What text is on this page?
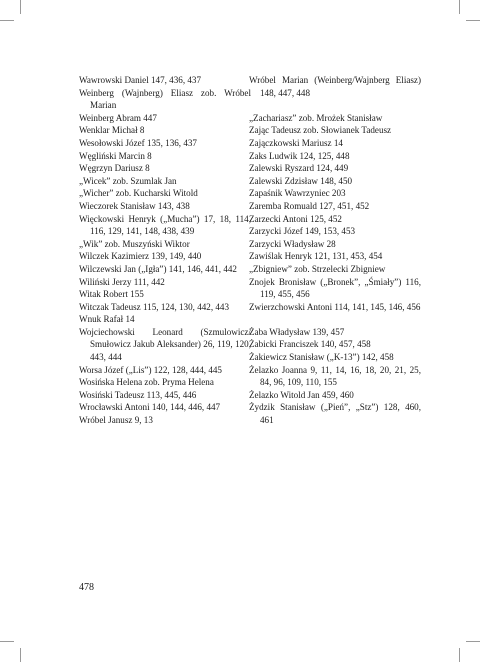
Wawrowski Daniel 147, 436, 437
Weinberg (Wajnberg) Eliasz zob. Wróbel Marian
Weinberg Abram 447
Wenklar Michał 8
Wesołowski Józef 135, 136, 437
Węgliński Marcin 8
Węgrzyn Dariusz 8
„Wicek” zob. Szumlak Jan
„Wicher” zob. Kucharski Witold
Wieczorek Stanisław 143, 438
Więckowski Henryk („Mucha”) 17, 18, 114, 116, 129, 141, 148, 438, 439
„Wik” zob. Muszyński Wiktor
Wilczek Kazimierz 139, 149, 440
Wilczewski Jan („Igła”) 141, 146, 441, 442
Wiliński Jerzy 111, 442
Witak Robert 155
Witczak Tadeusz 115, 124, 130, 442, 443
Wnuk Rafał 14
Wojciechowski Leonard (Szmulowicz/ Smułowicz Jakub Aleksander) 26, 119, 120, 443, 444
Worsa Józef („Lis”) 122, 128, 444, 445
Wosińska Helena zob. Pryma Helena
Wosiński Tadeusz 113, 445, 446
Wrocławski Antoni 140, 144, 446, 447
Wróbel Janusz 9, 13
Wróbel Marian (Weinberg/Wajnberg Eliasz) 148, 447, 448
„Zachariasz” zob. Mrożek Stanisław
Zając Tadeusz zob. Słowianek Tadeusz
Zajączkowski Mariusz 14
Zaks Ludwik 124, 125, 448
Zalewski Ryszard 124, 449
Zalewski Zdzisław 148, 450
Zapaśnik Wawrzyniec 203
Zaremba Romuald 127, 451, 452
Zarzecki Antoni 125, 452
Zarzycki Józef 149, 153, 453
Zarzycki Władysław 28
Zawiślak Henryk 121, 131, 453, 454
„Zbigniew” zob. Strzelecki Zbigniew
Znojek Bronisław („Bronek”, „Śmiały”) 116, 119, 455, 456
Zwierzchowski Antoni 114, 141, 145, 146, 456
Żaba Władysław 139, 457
Żabicki Franciszek 140, 457, 458
Żakiewicz Stanisław („K-13”) 142, 458
Żelazko Joanna 9, 11, 14, 16, 18, 20, 21, 25, 84, 96, 109, 110, 155
Żelazko Witold Jan 459, 460
Żydzik Stanisław („Pień”, „Stz”) 128, 460, 461
478
